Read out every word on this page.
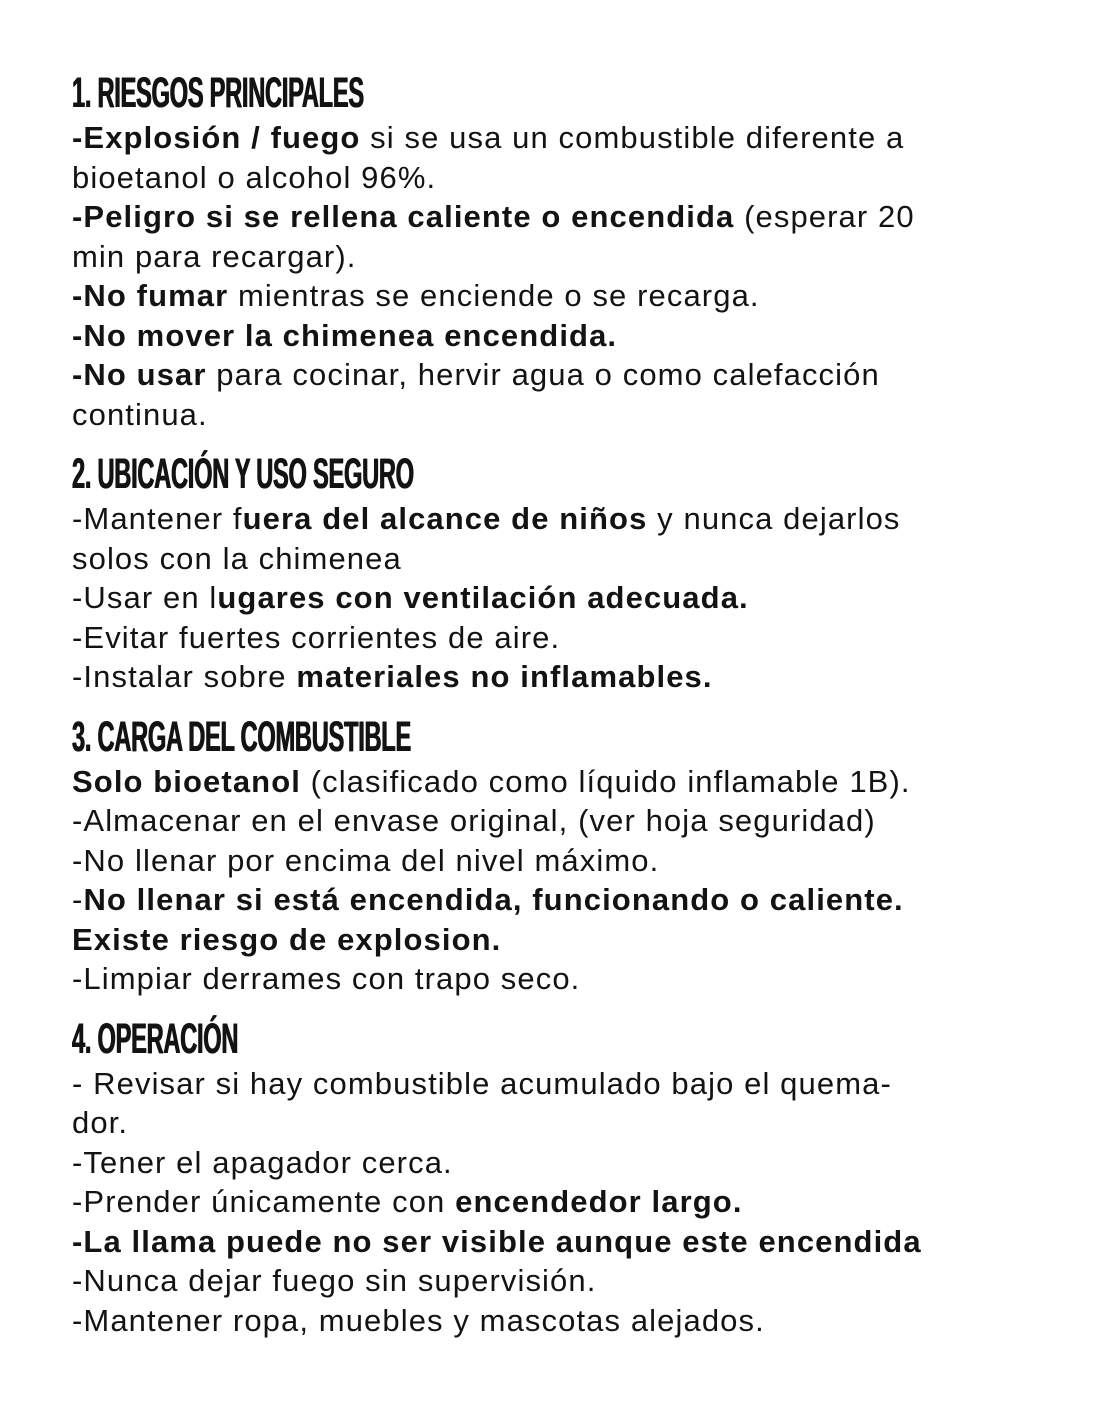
1. RIESGOS PRINCIPALES
-Explosión / fuego si se usa un combustible diferente a
bioetanol o alcohol 96%.
-Peligro si se rellena caliente o encendida (esperar 20
min para recargar).
-No fumar mientras se enciende o se recarga.
-No mover la chimenea encendida.
-No usar para cocinar, hervir agua o como calefacción
continua.
2. UBICACIÓN Y USO SEGURO
-Mantener fuera del alcance de niños y nunca dejarlos
solos con la chimenea
-Usar en lugares con ventilación adecuada.
-Evitar fuertes corrientes de aire.
-Instalar sobre materiales no inflamables.
3. CARGA DEL COMBUSTIBLE
Solo bioetanol (clasificado como líquido inflamable 1B).
-Almacenar en el envase original, (ver hoja seguridad)
-No llenar por encima del nivel máximo.
-No llenar si está encendida, funcionando o caliente.
Existe riesgo de explosion.
-Limpiar derrames con trapo seco.
4. OPERACIÓN
- Revisar si hay combustible acumulado bajo el quema-
dor.
-Tener el apagador cerca.
-Prender únicamente con encendedor largo.
-La llama puede no ser visible aunque este encendida
-Nunca dejar fuego sin supervisión.
-Mantener ropa, muebles y mascotas alejados.
